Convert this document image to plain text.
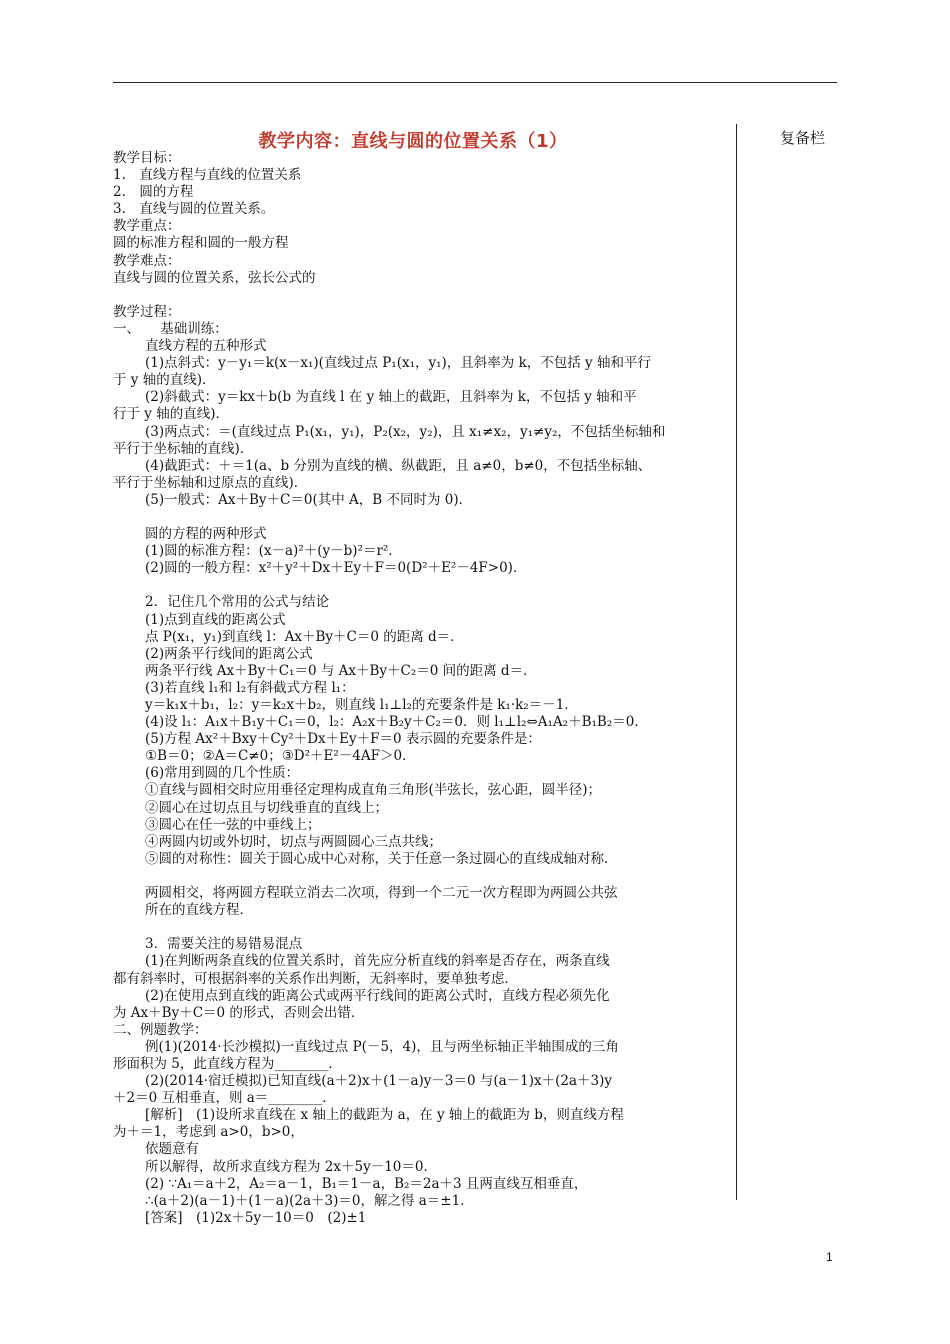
复备栏
教学内容：直线与圆的位置关系（1）

教学目标：

1.　直线方程与直线的位置关系

2.　圆的方程

3.　直线与圆的位置关系。

教学重点：

圆的标准方程和圆的一般方程

教学难点：

直线与圆的位置关系，弦长公式的

教学过程：

一、　　基础训练：

直线方程的五种形式

(1)点斜式：y－y₁＝k(x－x₁)(直线过点 P₁(x₁，y₁)，且斜率为 k，不包括 y 轴和平行

于 y 轴的直线)．

(2)斜截式：y＝kx＋b(b 为直线 l 在 y 轴上的截距，且斜率为 k，不包括 y 轴和平

行于 y 轴的直线)．

(3)两点式：＝(直线过点 P₁(x₁，y₁)，P₂(x₂，y₂)，且 x₁≠x₂，y₁≠y₂，不包括坐标轴和

平行于坐标轴的直线)．

(4)截距式：＋＝1(a、b 分别为直线的横、纵截距，且 a≠0，b≠0，不包括坐标轴、

平行于坐标轴和过原点的直线)．

(5)一般式：Ax＋By＋C＝0(其中 A，B 不同时为 0)．

圆的方程的两种形式

(1)圆的标准方程：(x－a)²＋(y－b)²＝r²．

(2)圆的一般方程：x²＋y²＋Dx＋Ey＋F＝0(D²＋E²－4F>0)．

2．记住几个常用的公式与结论

(1)点到直线的距离公式

点 P(x₁，y₁)到直线 l：Ax＋By＋C＝0 的距离 d＝．

(2)两条平行线间的距离公式

两条平行线 Ax＋By＋C₁＝0 与 Ax＋By＋C₂＝0 间的距离 d＝．

(3)若直线 l₁和 l₂有斜截式方程 l₁：

y＝k₁x＋b₁，l₂：y＝k₂x＋b₂，则直线 l₁⊥l₂的充要条件是 k₁·k₂＝－1．

(4)设 l₁：A₁x＋B₁y＋C₁＝0，l₂：A₂x＋B₂y＋C₂＝0．则 l₁⊥l₂⇔A₁A₂＋B₁B₂＝0．

(5)方程 Ax²＋Bxy＋Cy²＋Dx＋Ey＋F＝0 表示圆的充要条件是：

①B＝0；②A＝C≠0；③D²＋E²－4AF＞0．

(6)常用到圆的几个性质：

①直线与圆相交时应用垂径定理构成直角三角形(半弦长，弦心距，圆半径)；

②圆心在过切点且与切线垂直的直线上；

③圆心在任一弦的中垂线上；

④两圆内切或外切时，切点与两圆圆心三点共线；

⑤圆的对称性：圆关于圆心成中心对称，关于任意一条过圆心的直线成轴对称．

两圆相交，将两圆方程联立消去二次项，得到一个二元一次方程即为两圆公共弦

所在的直线方程．

3．需要关注的易错易混点

(1)在判断两条直线的位置关系时，首先应分析直线的斜率是否存在，两条直线

都有斜率时，可根据斜率的关系作出判断，无斜率时，要单独考虑．

(2)在使用点到直线的距离公式或两平行线间的距离公式时，直线方程必须先化

为 Ax＋By＋C＝0 的形式，否则会出错．

二、例题教学：

例(1)(2014·长沙模拟)一直线过点 P(－5，4)，且与两坐标轴正半轴围成的三角

形面积为 5，此直线方程为________．

(2)(2014·宿迁模拟)已知直线(a＋2)x＋(1－a)y－3＝0 与(a－1)x＋(2a＋3)y

＋2＝0 互相垂直，则 a＝________．

[解析]　(1)设所求直线在 x 轴上的截距为 a，在 y 轴上的截距为 b，则直线方程

为＋＝1，考虑到 a>0，b>0，

依题意有

所以解得，故所求直线方程为 2x＋5y－10＝0．

(2) ∵A₁＝a＋2，A₂＝a－1，B₁＝1－a，B₂＝2a＋3 且两直线互相垂直，

∴(a＋2)(a－1)＋(1－a)(2a＋3)＝0，解之得 a＝±1．

[答案]　(1)2x＋5y－10＝0　(2)±1

1
